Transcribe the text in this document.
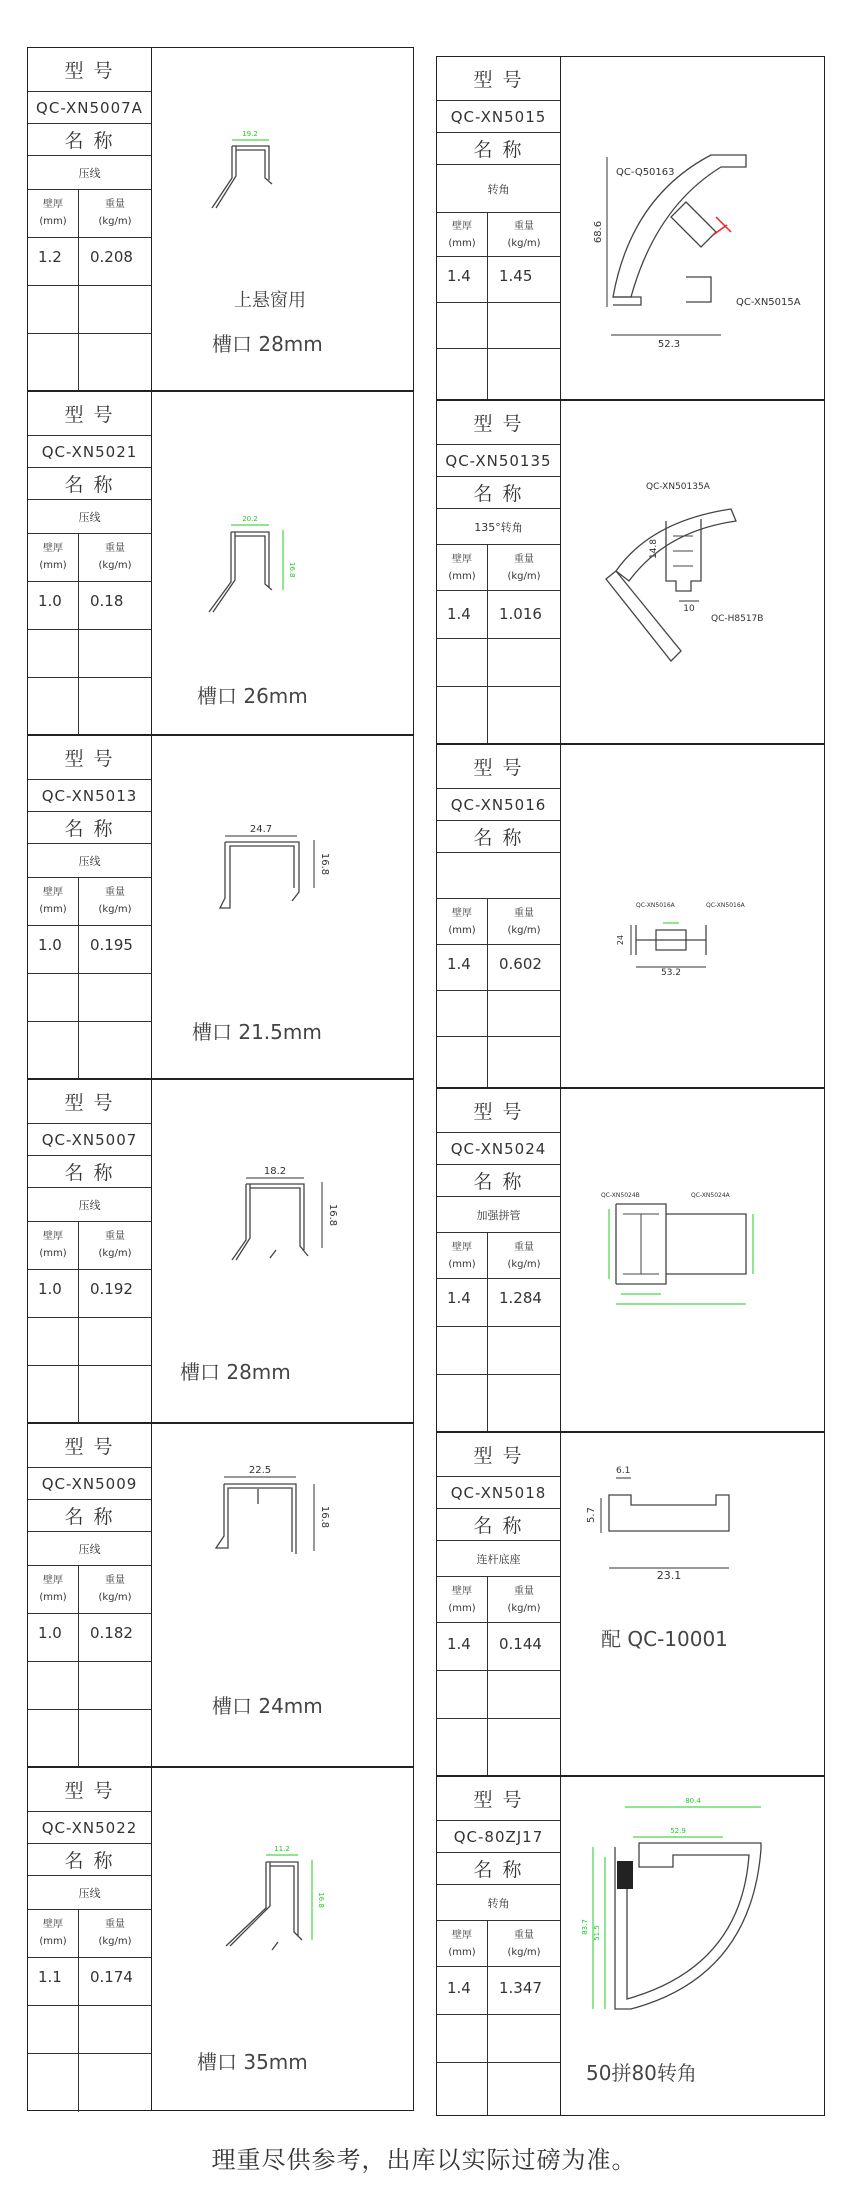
型 号
QC-XN5007A
名 称
压线
壁厚
(mm)
重量
(kg/m)
1.2 0.208
19.2
上悬窗用
槽口 28mm
型 号
QC-XN5021
名 称
压线
壁厚
(mm)
重量
(kg/m)
1.0 0.18
20.2
16.8
槽口 26mm
型 号
QC-XN5013
名 称
压线
壁厚
(mm)
重量
(kg/m)
1.0 0.195
24.7
16.8
槽口 21.5mm
型 号
QC-XN5007
名 称
压线
壁厚
(mm)
重量
(kg/m)
1.0 0.192
18.2
16.8
槽口 28mm
型 号
QC-XN5009
名 称
压线
壁厚
(mm)
重量
(kg/m)
1.0 0.182
22.5
16.8
槽口 24mm
型 号
QC-XN5022
名 称
压线
壁厚
(mm)
重量
(kg/m)
1.1 0.174
11.2
16.8
槽口 35mm
型 号
QC-XN5015
名 称
转角
壁厚
(mm)
重量
(kg/m)
1.4 1.45
QC-Q50163
QC-XN5015A
68.6
52.3
型 号
QC-XN50135
名 称
135°转角
壁厚
(mm)
重量
(kg/m)
1.4 1.016
QC-XN50135A
QC-H8517B
14.8
10
型 号
QC-XN5016
名 称
壁厚
(mm)
重量
(kg/m)
1.4 0.602
QC-XN5016A	QC-XN5016A
53.2
24
型 号
QC-XN5024
名 称
加强拼管
壁厚
(mm)
重量
(kg/m)
1.4 1.284
QC-XN5024B	QC-XN5024A
型 号
QC-XN5018
名 称
连杆底座
壁厚
(mm)
重量
(kg/m)
1.4 0.144
6.1
5.7
23.1
配 QC-10001
型 号
QC-80ZJ17
名 称
转角
壁厚
(mm)
重量
(kg/m)
1.4 1.347
80.4
52.9
83.7 51.5
50拼80转角
理重尽供参考，出库以实际过磅为准。
